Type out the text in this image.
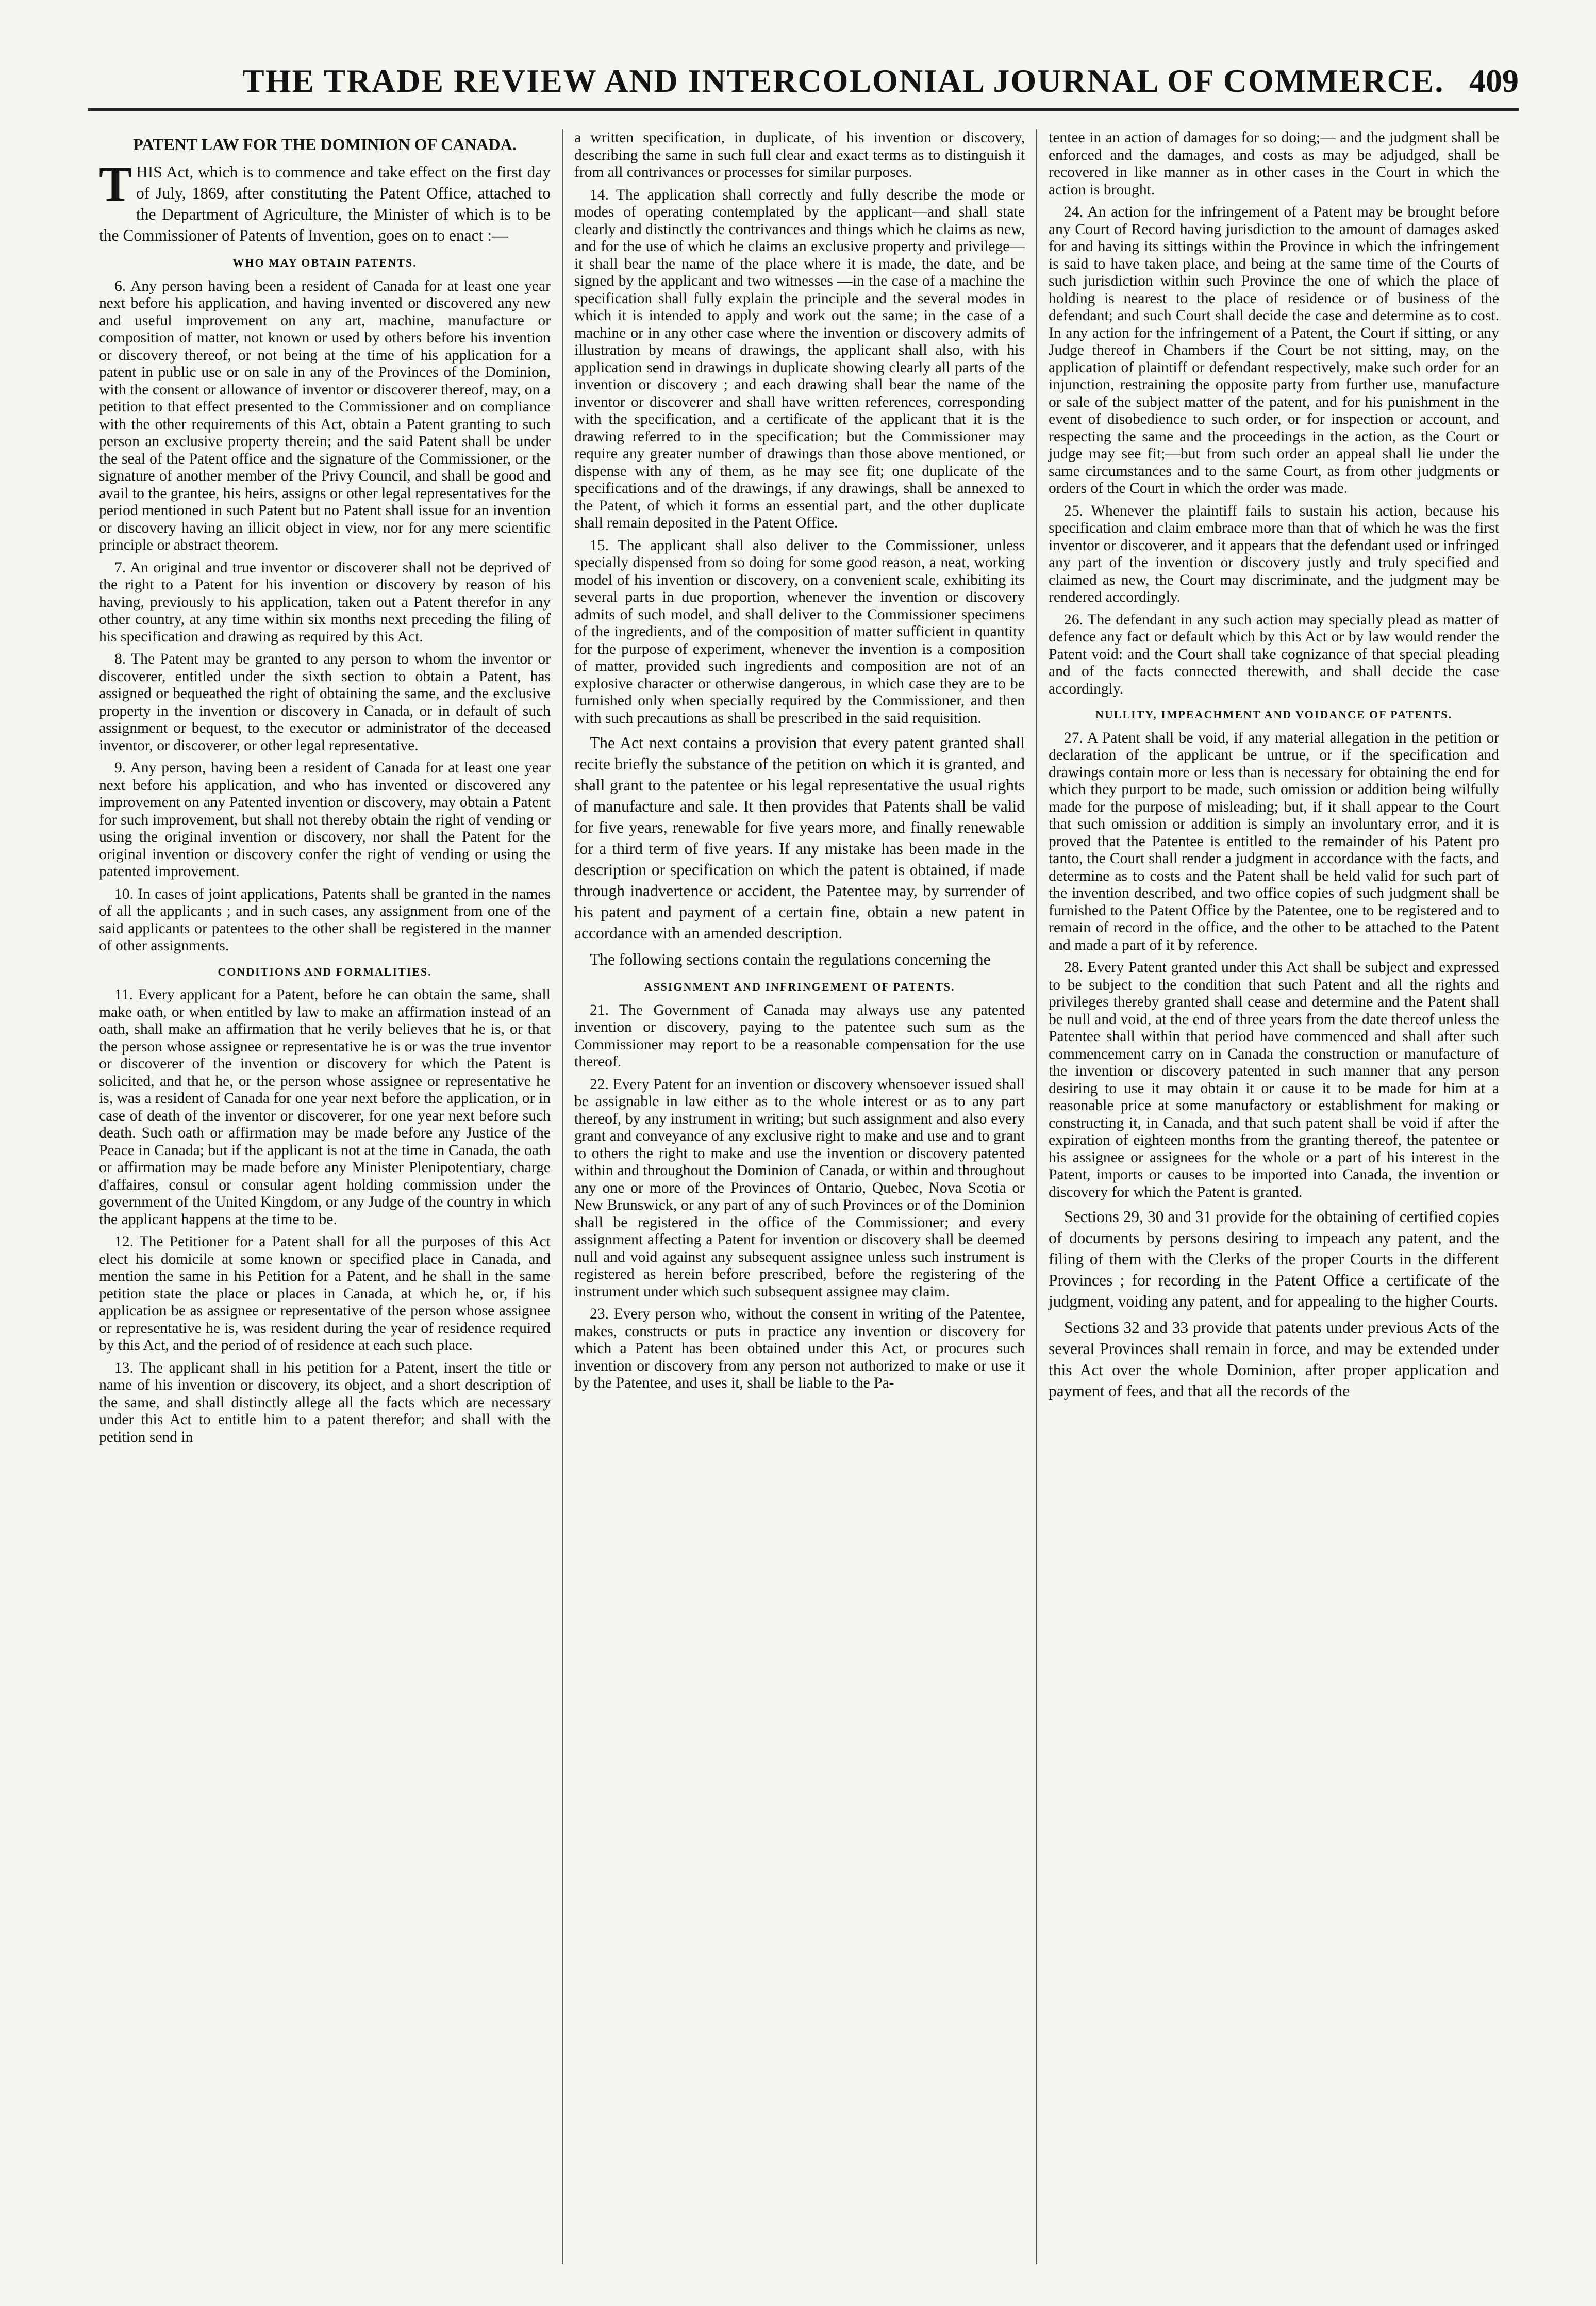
THE TRADE REVIEW AND INTERCOLONIAL JOURNAL OF COMMERCE. 409
PATENT LAW FOR THE DOMINION OF CANADA.

THIS Act, which is to commence and take effect on the first day of July, 1869, after constituting the Patent Office, attached to the Department of Agriculture, the Minister of which is to be the Commissioner of Patents of Invention, goes on to enact :—

WHO MAY OBTAIN PATENTS.

6. Any person having been a resident of Canada for at least one year next before his application, and having invented or discovered any new and useful improvement on any art, machine, manufacture or composition of matter, not known or used by others before his invention or discovery thereof, or not being at the time of his application for a patent in public use or on sale in any of the Provinces of the Dominion, with the consent or allowance of inventor or discoverer thereof, may, on a petition to that effect presented to the Commissioner and on compliance with the other requirements of this Act, obtain a Patent granting to such person an exclusive property therein; and the said Patent shall be under the seal of the Patent office and the signature of the Commissioner, or the signature of another member of the Privy Council, and shall be good and avail to the grantee, his heirs, assigns or other legal representatives for the period mentioned in such Patent but no Patent shall issue for an invention or discovery having an illicit object in view, nor for any mere scientific principle or abstract theorem.

7. An original and true inventor or discoverer shall not be deprived of the right to a Patent for his invention or discovery by reason of his having, previously to his application, taken out a Patent therefor in any other country, at any time within six months next preceding the filing of his specification and drawing as required by this Act.

8. The Patent may be granted to any person to whom the inventor or discoverer, entitled under the sixth section to obtain a Patent, has assigned or bequeathed the right of obtaining the same, and the exclusive property in the invention or discovery in Canada, or in default of such assignment or bequest, to the executor or administrator of the deceased inventor, or discoverer, or other legal representative.

9. Any person, having been a resident of Canada for at least one year next before his application, and who has invented or discovered any improvement on any Patented invention or discovery, may obtain a Patent for such improvement, but shall not thereby obtain the right of vending or using the original invention or discovery, nor shall the Patent for the original invention or discovery confer the right of vending or using the patented improvement.

10. In cases of joint applications, Patents shall be granted in the names of all the applicants ; and in such cases, any assignment from one of the said applicants or patentees to the other shall be registered in the manner of other assignments.

CONDITIONS AND FORMALITIES.

11. Every applicant for a Patent, before he can obtain the same, shall make oath, or when entitled by law to make an affirmation instead of an oath, shall make an affirmation that he verily believes that he is, or that the person whose assignee or representative he is or was the true inventor or discoverer of the invention or discovery for which the Patent is solicited, and that he, or the person whose assignee or representative he is, was a resident of Canada for one year next before the application, or in case of death of the inventor or discoverer, for one year next before such death. Such oath or affirmation may be made before any Justice of the Peace in Canada; but if the applicant is not at the time in Canada, the oath or affirmation may be made before any Minister Plenipotentiary, charge d'affaires, consul or consular agent holding commission under the government of the United Kingdom, or any Judge of the country in which the applicant happens at the time to be.

12. The Petitioner for a Patent shall for all the purposes of this Act elect his domicile at some known or specified place in Canada, and mention the same in his Petition for a Patent, and he shall in the same petition state the place or places in Canada, at which he, or, if his application be as assignee or representative of the person whose assignee or representative he is, was resident during the year of residence required by this Act, and the period of of residence at each such place.

13. The applicant shall in his petition for a Patent, insert the title or name of his invention or discovery, its object, and a short description of the same, and shall distinctly allege all the facts which are necessary under this Act to entitle him to a patent therefor; and shall with the petition send in

a written specification, in duplicate, of his invention or discovery, describing the same in such full clear and exact terms as to distinguish it from all contrivances or processes for similar purposes.

14. The application shall correctly and fully describe the mode or modes of operating contemplated by the applicant—and shall state clearly and distinctly the contrivances and things which he claims as new, and for the use of which he claims an exclusive property and privilege—it shall bear the name of the place where it is made, the date, and be signed by the applicant and two witnesses —in the case of a machine the specification shall fully explain the principle and the several modes in which it is intended to apply and work out the same; in the case of a machine or in any other case where the invention or discovery admits of illustration by means of drawings, the applicant shall also, with his application send in drawings in duplicate showing clearly all parts of the invention or discovery ; and each drawing shall bear the name of the inventor or discoverer and shall have written references, corresponding with the specification, and a certificate of the applicant that it is the drawing referred to in the specification; but the Commissioner may require any greater number of drawings than those above mentioned, or dispense with any of them, as he may see fit; one duplicate of the specifications and of the drawings, if any drawings, shall be annexed to the Patent, of which it forms an essential part, and the other duplicate shall remain deposited in the Patent Office.

15. The applicant shall also deliver to the Commissioner, unless specially dispensed from so doing for some good reason, a neat, working model of his invention or discovery, on a convenient scale, exhibiting its several parts in due proportion, whenever the invention or discovery admits of such model, and shall deliver to the Commissioner specimens of the ingredients, and of the composition of matter sufficient in quantity for the purpose of experiment, whenever the invention is a composition of matter, provided such ingredients and composition are not of an explosive character or otherwise dangerous, in which case they are to be furnished only when specially required by the Commissioner, and then with such precautions as shall be prescribed in the said requisition.

The Act next contains a provision that every patent granted shall recite briefly the substance of the petition on which it is granted, and shall grant to the patentee or his legal representative the usual rights of manufacture and sale. It then provides that Patents shall be valid for five years, renewable for five years more, and finally renewable for a third term of five years. If any mistake has been made in the description or specification on which the patent is obtained, if made through inadvertence or accident, the Patentee may, by surrender of his patent and payment of a certain fine, obtain a new patent in accordance with an amended description.

The following sections contain the regulations concerning the

ASSIGNMENT AND INFRINGEMENT OF PATENTS.

21. The Government of Canada may always use any patented invention or discovery, paying to the patentee such sum as the Commissioner may report to be a reasonable compensation for the use thereof.

22. Every Patent for an invention or discovery whensoever issued shall be assignable in law either as to the whole interest or as to any part thereof, by any instrument in writing; but such assignment and also every grant and conveyance of any exclusive right to make and use and to grant to others the right to make and use the invention or discovery patented within and throughout the Dominion of Canada, or within and throughout any one or more of the Provinces of Ontario, Quebec, Nova Scotia or New Brunswick, or any part of any of such Provinces or of the Dominion shall be registered in the office of the Commissioner; and every assignment affecting a Patent for invention or discovery shall be deemed null and void against any subsequent assignee unless such instrument is registered as herein before prescribed, before the registering of the instrument under which such subsequent assignee may claim.

23. Every person who, without the consent in writing of the Patentee, makes, constructs or puts in practice any invention or discovery for which a Patent has been obtained under this Act, or procures such invention or discovery from any person not authorized to make or use it by the Patentee, and uses it, shall be liable to the Pa-

tentee in an action of damages for so doing;— and the judgment shall be enforced and the damages, and costs as may be adjudged, shall be recovered in like manner as in other cases in the Court in which the action is brought.

24. An action for the infringement of a Patent may be brought before any Court of Record having jurisdiction to the amount of damages asked for and having its sittings within the Province in which the infringement is said to have taken place, and being at the same time of the Courts of such jurisdiction within such Province the one of which the place of holding is nearest to the place of residence or of business of the defendant; and such Court shall decide the case and determine as to cost. In any action for the infringement of a Patent, the Court if sitting, or any Judge thereof in Chambers if the Court be not sitting, may, on the application of plaintiff or defendant respectively, make such order for an injunction, restraining the opposite party from further use, manufacture or sale of the subject matter of the patent, and for his punishment in the event of disobedience to such order, or for inspection or account, and respecting the same and the proceedings in the action, as the Court or judge may see fit;—but from such order an appeal shall lie under the same circumstances and to the same Court, as from other judgments or orders of the Court in which the order was made.

25. Whenever the plaintiff fails to sustain his action, because his specification and claim embrace more than that of which he was the first inventor or discoverer, and it appears that the defendant used or infringed any part of the invention or discovery justly and truly specified and claimed as new, the Court may discriminate, and the judgment may be rendered accordingly.

26. The defendant in any such action may specially plead as matter of defence any fact or default which by this Act or by law would render the Patent void: and the Court shall take cognizance of that special pleading and of the facts connected therewith, and shall decide the case accordingly.

NULLITY, IMPEACHMENT AND VOIDANCE OF PATENTS.

27. A Patent shall be void, if any material allegation in the petition or declaration of the applicant be untrue, or if the specification and drawings contain more or less than is necessary for obtaining the end for which they purport to be made, such omission or addition being wilfully made for the purpose of misleading; but, if it shall appear to the Court that such omission or addition is simply an involuntary error, and it is proved that the Patentee is entitled to the remainder of his Patent pro tanto, the Court shall render a judgment in accordance with the facts, and determine as to costs and the Patent shall be held valid for such part of the invention described, and two office copies of such judgment shall be furnished to the Patent Office by the Patentee, one to be registered and to remain of record in the office, and the other to be attached to the Patent and made a part of it by reference.

28. Every Patent granted under this Act shall be subject and expressed to be subject to the condition that such Patent and all the rights and privileges thereby granted shall cease and determine and the Patent shall be null and void, at the end of three years from the date thereof unless the Patentee shall within that period have commenced and shall after such commencement carry on in Canada the construction or manufacture of the invention or discovery patented in such manner that any person desiring to use it may obtain it or cause it to be made for him at a reasonable price at some manufactory or establishment for making or constructing it, in Canada, and that such patent shall be void if after the expiration of eighteen months from the granting thereof, the patentee or his assignee or assignees for the whole or a part of his interest in the Patent, imports or causes to be imported into Canada, the invention or discovery for which the Patent is granted.

Sections 29, 30 and 31 provide for the obtaining of certified copies of documents by persons desiring to impeach any patent, and the filing of them with the Clerks of the proper Courts in the different Provinces ; for recording in the Patent Office a certificate of the judgment, voiding any patent, and for appealing to the higher Courts.

Sections 32 and 33 provide that patents under previous Acts of the several Provinces shall remain in force, and may be extended under this Act over the whole Dominion, after proper application and payment of fees, and that all the records of the
